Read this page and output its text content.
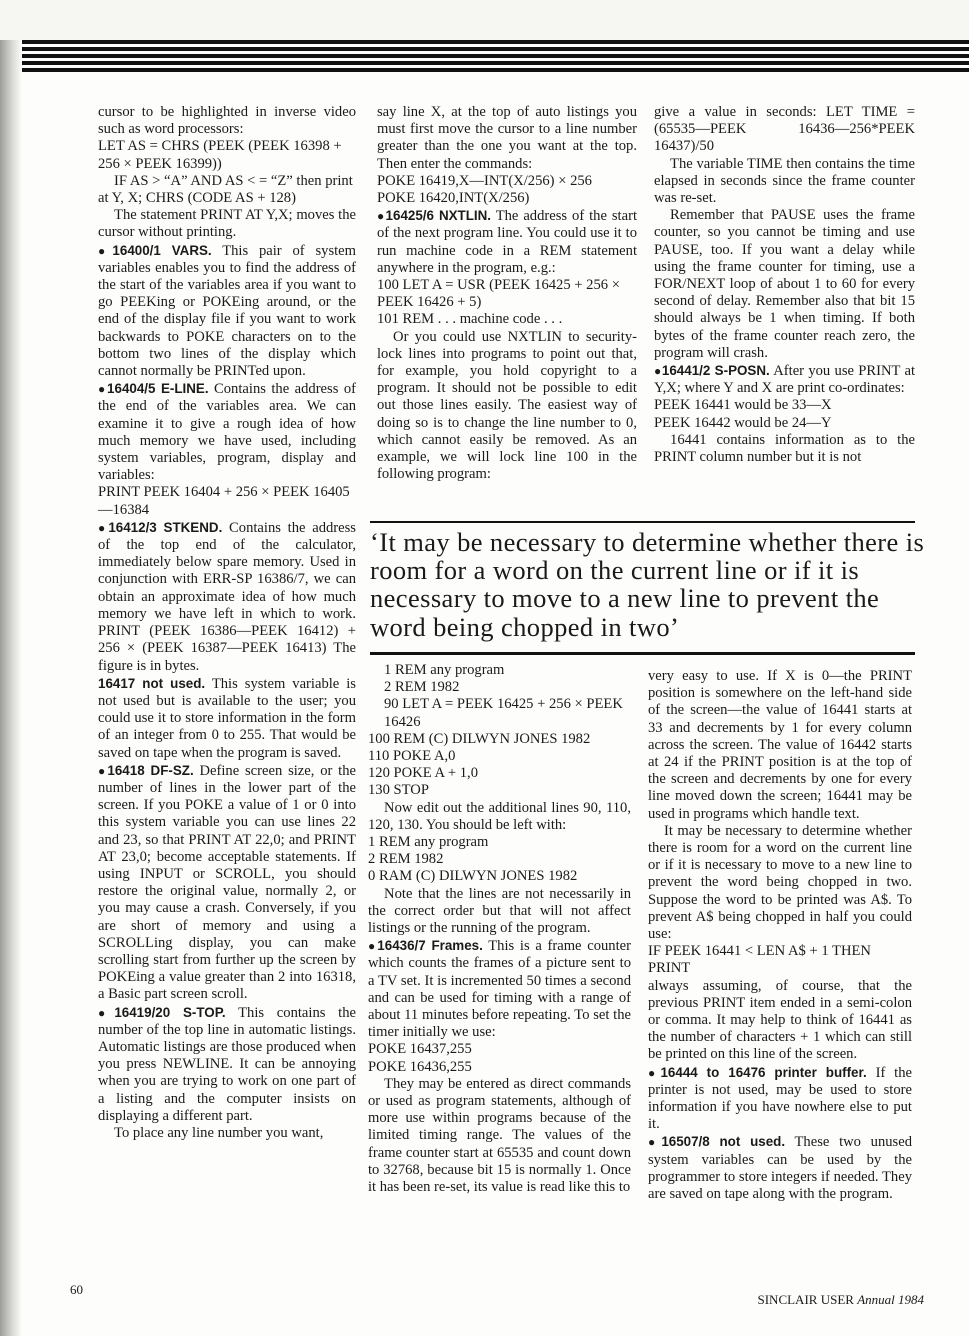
cursor to be highlighted in inverse video such as word processors:

LET AS = CHRS (PEEK (PEEK 16398 + 256 × PEEK 16399))

IF AS > “A” AND AS < = “Z” then print at Y, X; CHRS (CODE AS + 128)

The statement PRINT AT Y,X; moves the cursor without printing.

●16400/1 VARS. This pair of system variables enables you to find the address of the start of the variables area if you want to go PEEKing or POKEing around, or the end of the display file if you want to work backwards to POKE characters on to the bottom two lines of the display which cannot normally be PRINTed upon.

●16404/5 E-LINE. Contains the address of the end of the variables area. We can examine it to give a rough idea of how much memory we have used, including system variables, program, display and variables:

PRINT PEEK 16404 + 256 × PEEK 16405—16384

●16412/3 STKEND. Contains the address of the top end of the calculator, immediately below spare memory. Used in conjunction with ERR-SP 16386/7, we can obtain an approximate idea of how much memory we have left in which to work. PRINT (PEEK 16386—PEEK 16412) + 256 × (PEEK 16387—PEEK 16413) The figure is in bytes.

16417 not used. This system variable is not used but is available to the user; you could use it to store information in the form of an integer from 0 to 255. That would be saved on tape when the program is saved.

●16418 DF-SZ. Define screen size, or the number of lines in the lower part of the screen. If you POKE a value of 1 or 0 into this system variable you can use lines 22 and 23, so that PRINT AT 22,0; and PRINT AT 23,0; become acceptable statements. If using INPUT or SCROLL, you should restore the original value, normally 2, or you may cause a crash. Conversely, if you are short of memory and using a SCROLLing display, you can make scrolling start from further up the screen by POKEing a value greater than 2 into 16318, a Basic part screen scroll.

●16419/20 S-TOP. This contains the number of the top line in automatic listings. Automatic listings are those produced when you press NEWLINE. It can be annoying when you are trying to work on one part of a listing and the computer insists on displaying a different part.

To place any line number you want,

say line X, at the top of auto listings you must first move the cursor to a line number greater than the one you want at the top. Then enter the commands:

POKE 16419,X—INT(X/256) × 256

POKE 16420,INT(X/256)

●16425/6 NXTLIN. The address of the start of the next program line. You could use it to run machine code in a REM statement anywhere in the program, e.g.:

100 LET A = USR (PEEK 16425 + 256 × PEEK 16426 + 5)

101 REM . . . machine code . . .

Or you could use NXTLIN to security-lock lines into programs to point out that, for example, you hold copyright to a program. It should not be possible to edit out those lines easily. The easiest way of doing so is to change the line number to 0, which cannot easily be removed. As an example, we will lock line 100 in the following program:

give a value in seconds: LET TIME = (65535—PEEK 16436—256*PEEK 16437)/50

The variable TIME then contains the time elapsed in seconds since the frame counter was re-set.

Remember that PAUSE uses the frame counter, so you cannot be timing and use PAUSE, too. If you want a delay while using the frame counter for timing, use a FOR/NEXT loop of about 1 to 60 for every second of delay. Remember also that bit 15 should always be 1 when timing. If both bytes of the frame counter reach zero, the program will crash.

●16441/2 S-POSN. After you use PRINT at Y,X; where Y and X are print co-ordinates:

PEEK 16441 would be 33—X

PEEK 16442 would be 24—Y

16441 contains information as to the PRINT column number but it is not

‘It may be necessary to determine whether there is room for a word on the current line or if it is necessary to move to a new line to prevent the word being chopped in two’
1 REM any program
2 REM 1982
90 LET A = PEEK 16425 + 256 × PEEK 16426
100 REM (C) DILWYN JONES 1982
110 POKE A,0
120 POKE A + 1,0
130 STOP

Now edit out the additional lines 90, 110, 120, 130. You should be left with:

1 REM any program
2 REM 1982
0 RAM (C) DILWYN JONES 1982

Note that the lines are not necessarily in the correct order but that will not affect listings or the running of the program.

●16436/7 Frames. This is a frame counter which counts the frames of a picture sent to a TV set. It is incremented 50 times a second and can be used for timing with a range of about 11 minutes before repeating. To set the timer initially we use:

POKE 16437,255

POKE 16436,255

They may be entered as direct commands or used as program statements, although of more use within programs because of the limited timing range. The values of the frame counter start at 65535 and count down to 32768, because bit 15 is normally 1. Once it has been re-set, its value is read like this to

very easy to use. If X is 0—the PRINT position is somewhere on the left-hand side of the screen—the value of 16441 starts at 33 and decrements by 1 for every column across the screen. The value of 16442 starts at 24 if the PRINT position is at the top of the screen and decrements by one for every line moved down the screen; 16441 may be used in programs which handle text.

It may be necessary to determine whether there is room for a word on the current line or if it is necessary to move to a new line to prevent the word being chopped in two. Suppose the word to be printed was A$. To prevent A$ being chopped in half you could use:

IF PEEK 16441 < LEN A$ + 1 THEN PRINT

always assuming, of course, that the previous PRINT item ended in a semi-colon or comma. It may help to think of 16441 as the number of characters + 1 which can still be printed on this line of the screen.

●16444 to 16476 printer buffer. If the printer is not used, may be used to store information if you have nowhere else to put it.

●16507/8 not used. These two unused system variables can be used by the programmer to store integers if needed. They are saved on tape along with the program.

60
SINCLAIR USER Annual 1984
